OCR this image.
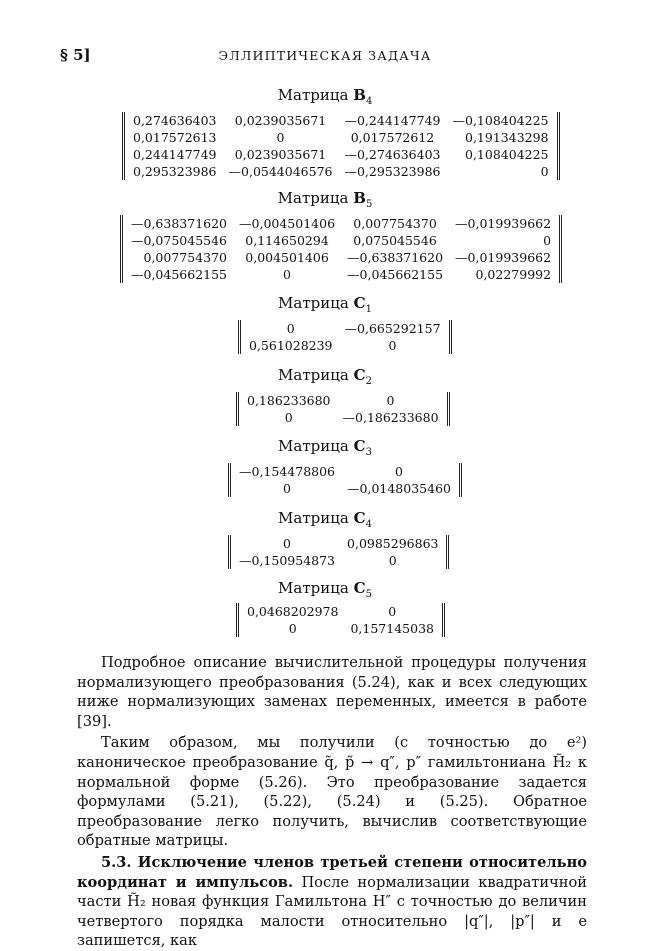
§ 5]	ЭЛЛИПТИЧЕСКАЯ ЗАДАЧА
Матрица $B_4$
0,274636403	0,0239035671	—0,244147749	—0,108404225
0,017572613	0	0,017572612	0,191343298
0,244147749	0,0239035671	—0,274636403	0,108404225
0,295323986	—0,0544046576	—0,295323986	0
Матрица $B_5$
—0,638371620	—0,004501406	0,007754370	—0,019939662
—0,075045546	0,114650294	0,075045546	0
0,007754370	0,004501406	—0,638371620	—0,019939662
—0,045662155	0	—0,045662155	0,02279992
Матрица $C_1$
0	—0,665292157
0,561028239	0
Матрица $C_2$
0,186233680	0
0	—0,186233680
Матрица $C_3$
—0,154478806	0
0	—0,0148035460
Матрица $C_4$
0	0,0985296863
—0,150954873	0
Матрица $C_5$
0,0468202978	0
0	0,157145038

Подробное описание вычислительной процедуры получения нормализующего преобразования (5.24), как и всех следующих ниже нормализующих заменах переменных, имеется в работе [39].

Таким образом, мы получили (с точностью до e²) каноническое преобразование q̃, p̃ → q″, p″ гамильтониана H̃₂ к нормальной форме (5.26). Это преобразование задается формулами (5.21), (5.22), (5.24) и (5.25). Обратное преобразование легко получить, вычислив соответствующие обратные матрицы.

5.3. Исключение членов третьей степени относительно координат и импульсов. После нормализации квадратичной части H̃₂ новая функция Гамильтона H″ с точностью до величин четвертого порядка малости относительно |q″|, |p″| и e запишется, как
